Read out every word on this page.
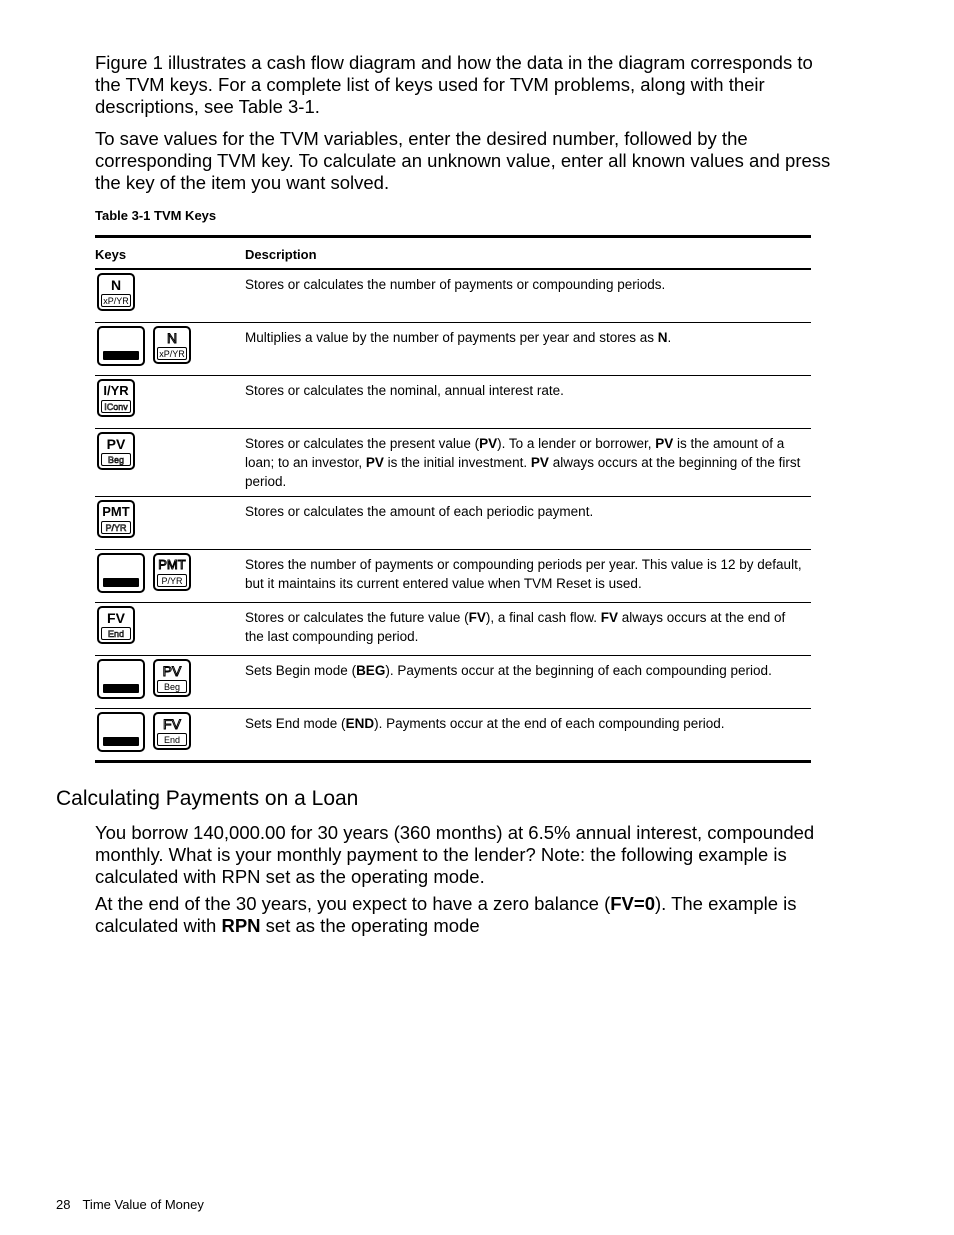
Figure 1 illustrates a cash flow diagram and how the data in the diagram corresponds to the TVM keys. For a complete list of keys used for TVM problems, along with their descriptions, see Table 3-1.
To save values for the TVM variables, enter the desired number, followed by the corresponding TVM key. To calculate an unknown value, enter all known values and press the key of the item you want solved.
Table 3-1 TVM Keys
Keys	Description
N
xP/YR
Stores or calculates the number of payments or compounding periods.
N
xP/YR
Multiplies a value by the number of payments per year and stores as N.
I/YR
IConv
Stores or calculates the nominal, annual interest rate.
PV
Beg
Stores or calculates the present value (PV). To a lender or borrower, PV is the amount of a loan; to an investor, PV is the initial investment. PV always occurs at the beginning of the first period.
PMT
P/YR
Stores or calculates the amount of each periodic payment.
PMT
P/YR
Stores the number of payments or compounding periods per year. This value is 12 by default, but it maintains its current entered value when TVM Reset is used.
FV
End
Stores or calculates the future value (FV), a final cash flow. FV always occurs at the end of the last compounding period.
PV
Beg
Sets Begin mode (BEG). Payments occur at the beginning of each compounding period.
FV
End
Sets End mode (END). Payments occur at the end of each compounding period.
Calculating Payments on a Loan
You borrow 140,000.00 for 30 years (360 months) at 6.5% annual interest, compounded monthly. What is your monthly payment to the lender? Note: the following example is calculated with RPN set as the operating mode.
At the end of the 30 years, you expect to have a zero balance (FV=0). The example is calculated with RPN set as the operating mode
28 Time Value of Money
